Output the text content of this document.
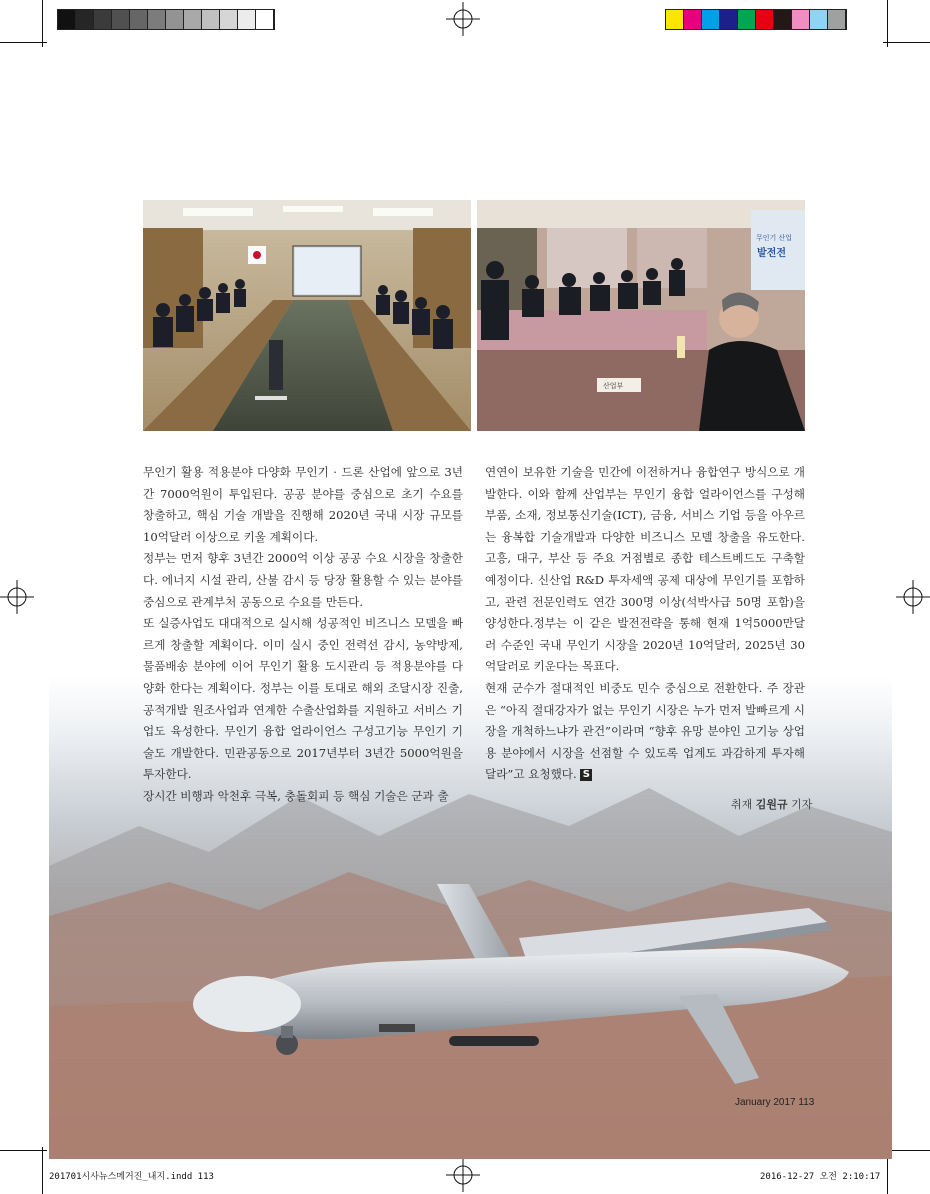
무인기 산업
발전전
산업부

무인기 활용 적용분야 다양화 무인기 · 드론 산업에 앞으로 3년간 7000억원이 투입된다. 공공 분야를 중심으로 초기 수요를 창출하고, 핵심 기술 개발을 진행해 2020년 국내 시장 규모를 10억달러 이상으로 키울 계획이다.

정부는 먼저 향후 3년간 2000억 이상 공공 수요 시장을 창출한다. 에너지 시설 관리, 산불 감시 등 당장 활용할 수 있는 분야를 중심으로 관계부처 공동으로 수요를 만든다.

또 실증사업도 대대적으로 실시해 성공적인 비즈니스 모델을 빠르게 창출할 계획이다. 이미 실시 중인 전력선 감시, 농약방제, 물품배송 분야에 이어 무인기 활용 도시관리 등 적용분야를 다양화 한다는 계획이다. 정부는 이를 토대로 해외 조달시장 진출, 공적개발 원조사업과 연계한 수출산업화를 지원하고 서비스 기업도 육성한다. 무인기 융합 얼라이언스 구성고기능 무인기 기술도 개발한다. 민관공동으로 2017년부터 3년간 5000억원을 투자한다.

장시간 비행과 악천후 극복, 충돌회피 등 핵심 기술은 군과 출

연연이 보유한 기술을 민간에 이전하거나 융합연구 방식으로 개발한다. 이와 함께 산업부는 무인기 융합 얼라이언스를 구성해 부품, 소재, 정보통신기술(ICT), 금융, 서비스 기업 등을 아우르는 융복합 기술개발과 다양한 비즈니스 모델 창출을 유도한다. 고흥, 대구, 부산 등 주요 거점별로 종합 테스트베드도 구축할 예정이다. 신산업 R&D 투자세액 공제 대상에 무인기를 포함하고, 관련 전문인력도 연간 300명 이상(석박사급 50명 포함)을 양성한다.정부는 이 같은 발전전략을 통해 현재 1억5000만달러 수준인 국내 무인기 시장을 2020년 10억달러, 2025년 30억달러로 키운다는 목표다.

현재 군수가 절대적인 비중도 민수 중심으로 전환한다. 주 장관은 “아직 절대강자가 없는 무인기 시장은 누가 먼저 발빠르게 시장을 개척하느냐가 관건”이라며 “향후 유망 분야인 고기능 상업용 분야에서 시장을 선점할 수 있도록 업계도 과감하게 투자해달라”고 요청했다. S

취재 김원규 기자
January 2017 113
201701시사뉴스메거진_내지.indd 113	2016-12-27 오전 2:10:17
